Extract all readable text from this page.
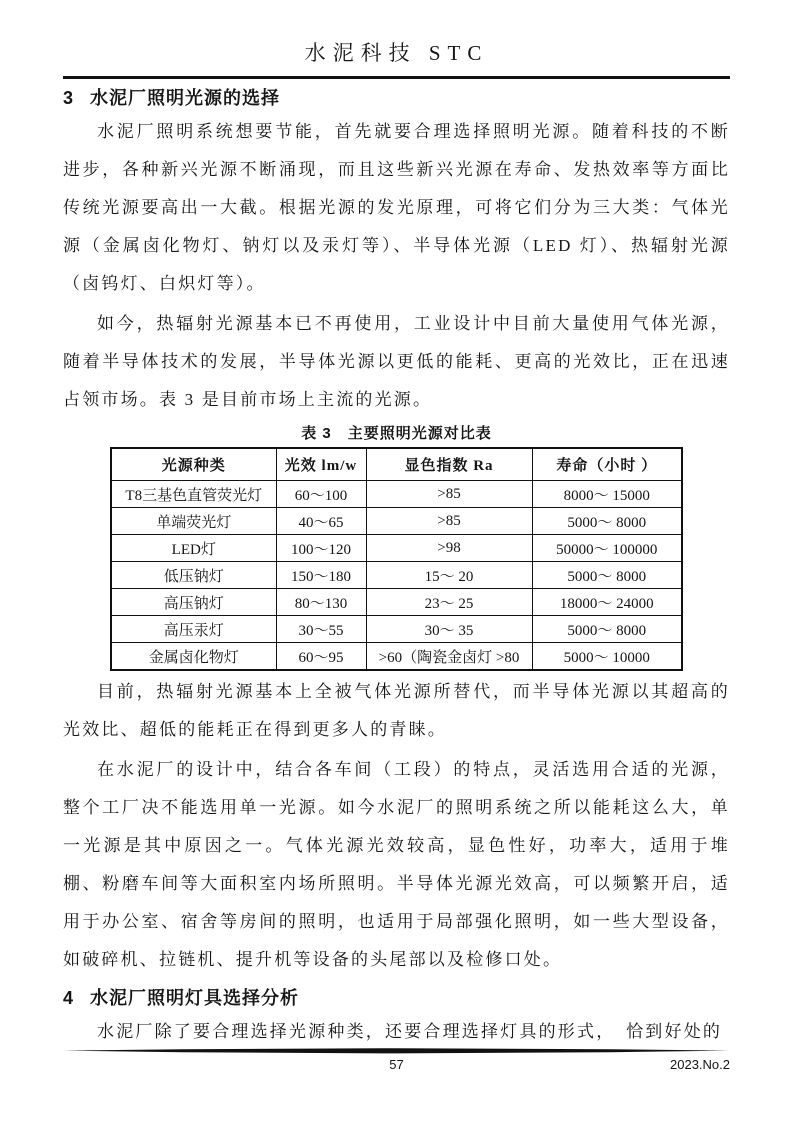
水泥科技 STC
3 水泥厂照明光源的选择

水泥厂照明系统想要节能，首先就要合理选择照明光源。随着科技的不断进步，各种新兴光源不断涌现，而且这些新兴光源在寿命、发热效率等方面比传统光源要高出一大截。根据光源的发光原理，可将它们分为三大类：气体光源（金属卤化物灯、钠灯以及汞灯等）、半导体光源（LED 灯）、热辐射光源（卤钨灯、白炽灯等）。

如今，热辐射光源基本已不再使用，工业设计中目前大量使用气体光源，随着半导体技术的发展，半导体光源以更低的能耗、更高的光效比，正在迅速占领市场。表 3 是目前市场上主流的光源。

表 3　主要照明光源对比表
光源种类	光效 lm/w	显色指数 Ra	寿命（小时 ）
T8三基色直管荧光灯	60～100	>85	8000～ 15000
单端荧光灯	40～65	>85	5000～ 8000
LED灯	100～120	>98	50000～ 100000
低压钠灯	150～180	15～ 20	5000～ 8000
高压钠灯	80～130	23～ 25	18000～ 24000
高压汞灯	30～55	30～ 35	5000～ 8000
金属卤化物灯	60～95	>60（陶瓷金卤灯 >80	5000～ 10000

目前，热辐射光源基本上全被气体光源所替代，而半导体光源以其超高的光效比、超低的能耗正在得到更多人的青睐。

在水泥厂的设计中，结合各车间（工段）的特点，灵活选用合适的光源，整个工厂决不能选用单一光源。如今水泥厂的照明系统之所以能耗这么大，单一光源是其中原因之一。气体光源光效较高，显色性好，功率大，适用于堆棚、粉磨车间等大面积室内场所照明。半导体光源光效高，可以频繁开启，适用于办公室、宿舍等房间的照明，也适用于局部强化照明，如一些大型设备，如破碎机、拉链机、提升机等设备的头尾部以及检修口处。

4 水泥厂照明灯具选择分析

水泥厂除了要合理选择光源种类，还要合理选择灯具的形式，　恰到好处的

57	2023.No.2
